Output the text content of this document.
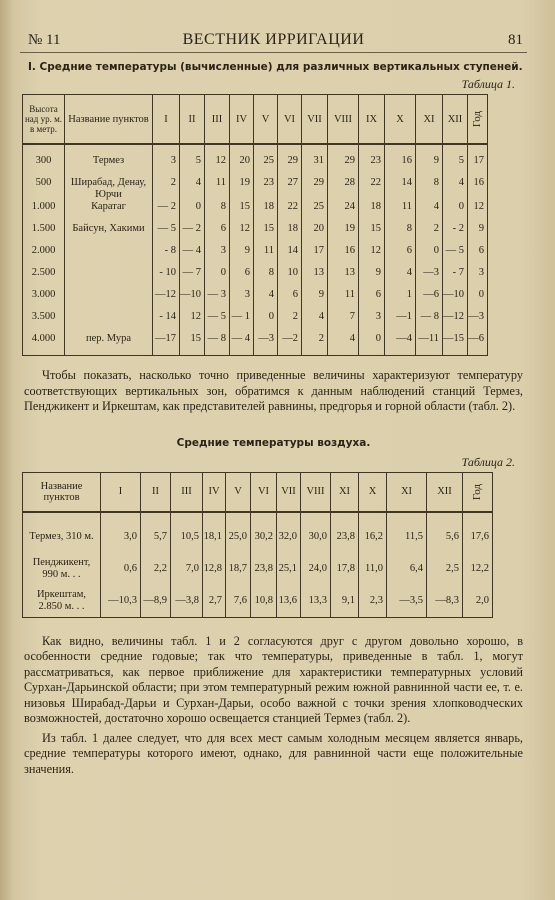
№ 11	ВЕСТНИК ИРРИГАЦИИ	81
I. Средние температуры (вычисленные) для различных вертикальных ступеней.
Таблица 1.
Высота над ур. м. в метр.	Название пунктов	I	II	III	IV	V	VI	VII	VIII	IX	X	XI	XII	Год
300	Термез	3	5	12	20	25	29	31	29	23	16	9	5	17
500	Ширабад, Денау, Юрчи	2	4	11	19	23	27	29	28	22	14	8	4	16
1.000	Каратаг	— 2	0	8	15	18	22	25	24	18	11	4	0	12
1.500	Байсун, Хакими	— 5	— 2	6	12	15	18	20	19	15	8	2	- 2	9
2.000		- 8	— 4	3	9	11	14	17	16	12	6	0	— 5	6
2.500		- 10	— 7	0	6	8	10	13	13	9	4	—3	- 7	3
3.000		—12	—10	— 3	3	4	6	9	11	6	1	—6	—10	0
3.500		- 14	12	— 5	— 1	0	2	4	7	3	—1	— 8	—12	—3
4.000	пер. Мура	—17	15	— 8	— 4	—3	—2	2	4	0	—4	—11	—15	—6

Чтобы показать, насколько точно приведенные величины характеризуют температуру соответствующих вертикальных зон, обратимся к данным наблюдений станций Термез, Пенджикент и Иркештам, как представителей равнины, предгорья и горной области (табл. 2).

Средние температуры воздуха.
Таблица 2.
Название пунктов	I	II	III	IV	V	VI	VII	VIII	XI	X	XI	XII	Год
Термез, 310 м.	3,0	5,7	10,5	18,1	25,0	30,2	32,0	30,0	23,8	16,2	11,5	5,6	17,6
Пенджикент, 990 м. . .	0,6	2,2	7,0	12,8	18,7	23,8	25,1	24,0	17,8	11,0	6,4	2,5	12,2
Иркештам, 2.850 м. . .	—10,3	—8,9	—3,8	2,7	7,6	10,8	13,6	13,3	9,1	2,3	—3,5	—8,3	2,0

Как видно, величины табл. 1 и 2 согласуются друг с другом довольно хорошо, в особенности средние годовые; так что температуры, приведенные в табл. 1, могут рассматриваться, как первое приближение для характеристики температурных условий Сурхан-Дарьинской области; при этом температурный режим южной равнинной части ее, т. е. низовья Ширабад-Дарьи и Сурхан-Дарьи, особо важной с точки зрения хлопководческих возможностей, достаточно хорошо освещается станцией Термез (табл. 2).

Из табл. 1 далее следует, что для всех мест самым холодным месяцем является январь, средние температуры которого имеют, однако, для равнинной части еще положительные значения.
